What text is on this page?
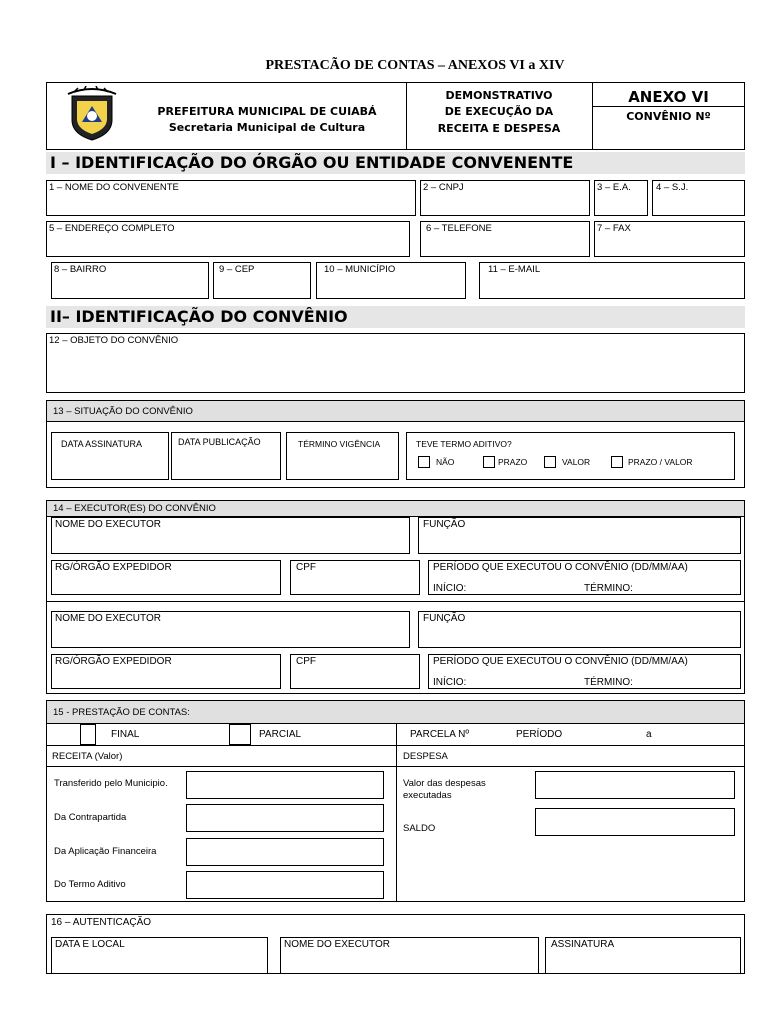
PRESTACÃO DE CONTAS – ANEXOS VI a XIV
PREFEITURA MUNICIPAL DE CUIABÁ
Secretaria Municipal de Cultura
DEMONSTRATIVO
DE EXECUÇÃO DA
RECEITA E DESPESA
ANEXO VI
CONVÊNIO Nº
I – IDENTIFICAÇÃO DO ÓRGÃO OU ENTIDADE CONVENENTE
1 – NOME DO CONVENENTE	2 – CNPJ	3 – E.A.	4 – S.J.
5 – ENDEREÇO COMPLETO	6 – TELEFONE	7 – FAX
8 – BAIRRO	9 – CEP	10 – MUNICÍPIO	11 – E-MAIL
II– IDENTIFICAÇÃO DO CONVÊNIO
12 – OBJETO DO CONVÊNIO
13 – SITUAÇÃO DO CONVÊNIO
DATA ASSINATURA	DATA PUBLICAÇÃO	TÉRMINO VIGÊNCIA	TEVE TERMO ADITIVO?
NÃO	PRAZO	VALOR	PRAZO / VALOR
14 – EXECUTOR(ES) DO CONVÊNIO
NOME DO EXECUTOR	FUNÇÃO
RG/ÓRGÃO EXPEDIDOR	CPF	PERÍODO QUE EXECUTOU O CONVÊNIO (DD/MM/AA)
INÍCIO:	TÉRMINO:
NOME DO EXECUTOR	FUNÇÃO
RG/ÓRGÃO EXPEDIDOR	CPF	PERÍODO QUE EXECUTOU O CONVÊNIO (DD/MM/AA)
INÍCIO:	TÉRMINO:
15 - PRESTAÇÃO DE CONTAS:
FINAL	PARCIAL	PARCELA Nº	PERÍODO	a
RECEITA (Valor)	DESPESA
Transferido pelo Municipio.
Da Contrapartida
Da Aplicação Financeira
Do Termo Aditivo
Valor das despesas
executadas
SALDO
16 – AUTENTICAÇÃO
DATA E LOCAL	NOME DO EXECUTOR	ASSINATURA
